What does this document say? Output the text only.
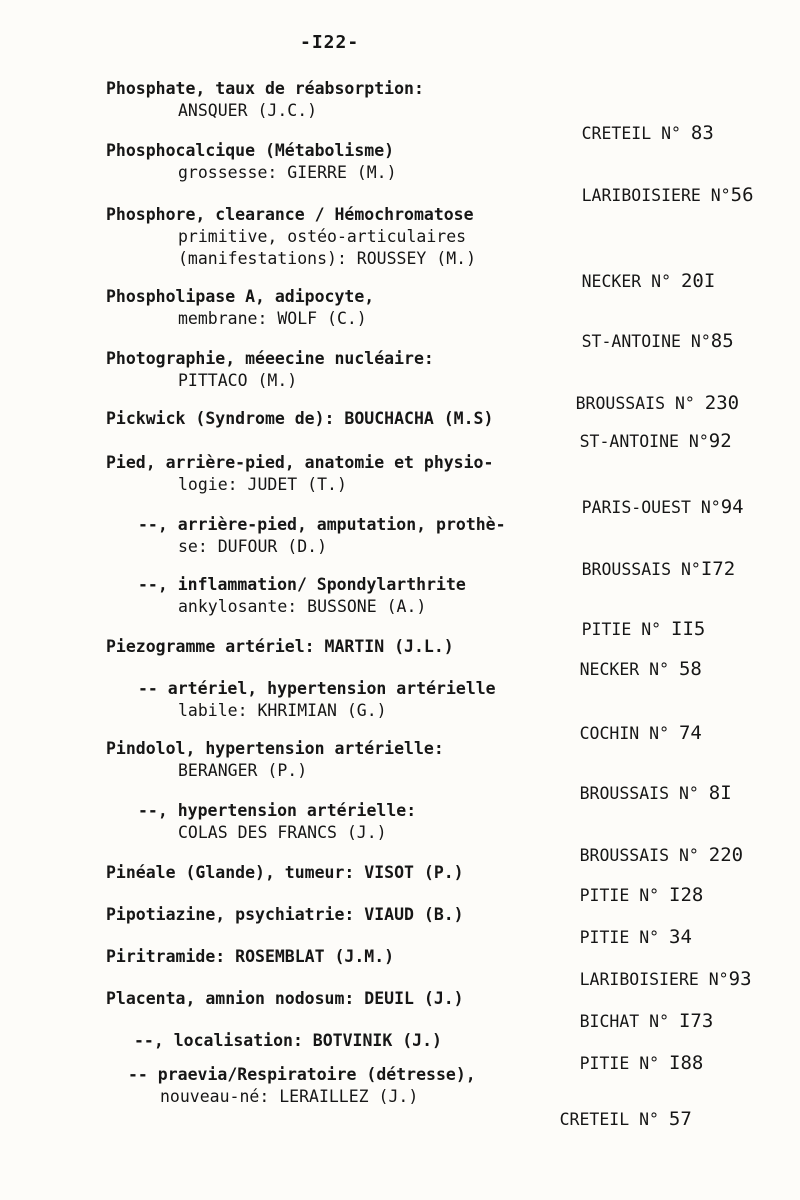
-I22-
Phosphate, taux de réabsorption:
ANSQUER (J.C.)

CRETEIL N° 83

Phosphocalcique (Métabolisme)
grossesse: GIERRE (M.)

LARIBOISIERE N°56

Phosphore, clearance / Hémochromatose
primitive, ostéo-articulaires
(manifestations): ROUSSEY (M.)

NECKER N° 20I

Phospholipase A, adipocyte,
membrane: WOLF (C.)

ST-ANTOINE N°85

Photographie, méeecine nucléaire:
PITTACO (M.)

BROUSSAIS N° 230

Pickwick (Syndrome de): BOUCHACHA (M.S)

ST-ANTOINE N°92

Pied, arrière-pied, anatomie et physio-
logie: JUDET (T.)

PARIS-OUEST N°94

--, arrière-pied, amputation, prothè-
se: DUFOUR (D.)

BROUSSAIS N°I72

--, inflammation/ Spondylarthrite
ankylosante: BUSSONE (A.)

PITIE N° II5

Piezogramme artériel: MARTIN (J.L.)

NECKER N° 58

-- artériel, hypertension artérielle
labile: KHRIMIAN (G.)

COCHIN N° 74

Pindolol, hypertension artérielle:
BERANGER (P.)

BROUSSAIS N° 8I

--, hypertension artérielle:
COLAS DES FRANCS (J.)

BROUSSAIS N° 220

Pinéale (Glande), tumeur: VISOT (P.)

PITIE N° I28

Pipotiazine, psychiatrie: VIAUD (B.)

PITIE N° 34

Piritramide: ROSEMBLAT (J.M.)

LARIBOISIERE N°93

Placenta, amnion nodosum: DEUIL (J.)

BICHAT N° I73

--, localisation: BOTVINIK (J.)

PITIE N° I88

-- praevia/Respiratoire (détresse),
nouveau-né: LERAILLEZ (J.)

CRETEIL N° 57
